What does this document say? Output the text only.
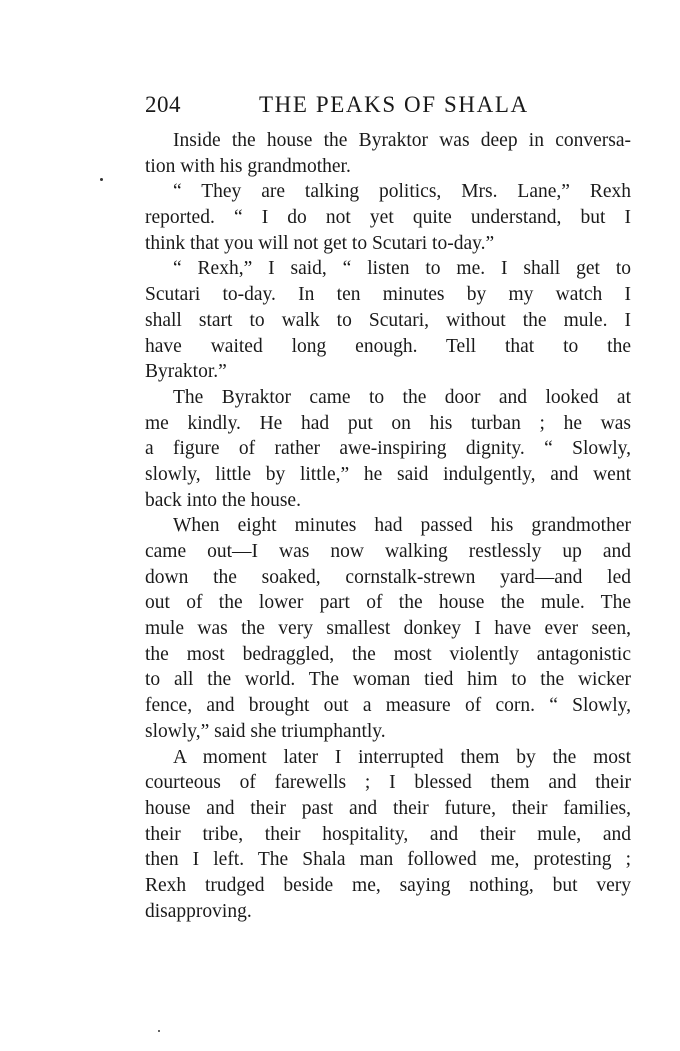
204	THE PEAKS OF SHALA
Inside the house the Byraktor was deep in conversa-
tion with his grandmother.
“ They are talking politics, Mrs. Lane,” Rexh
reported. “ I do not yet quite understand, but I
think that you will not get to Scutari to-day.”
“ Rexh,” I said, “ listen to me. I shall get to
Scutari to-day. In ten minutes by my watch I
shall start to walk to Scutari, without the mule. I
have waited long enough. Tell that to the
Byraktor.”
The Byraktor came to the door and looked at
me kindly. He had put on his turban ; he was
a figure of rather awe-inspiring dignity. “ Slowly,
slowly, little by little,” he said indulgently, and went
back into the house.
When eight minutes had passed his grandmother
came out—I was now walking restlessly up and
down the soaked, cornstalk-strewn yard—and led
out of the lower part of the house the mule. The
mule was the very smallest donkey I have ever seen,
the most bedraggled, the most violently antagonistic
to all the world. The woman tied him to the wicker
fence, and brought out a measure of corn. “ Slowly,
slowly,” said she triumphantly.
A moment later I interrupted them by the most
courteous of farewells ; I blessed them and their
house and their past and their future, their families,
their tribe, their hospitality, and their mule, and
then I left. The Shala man followed me, protesting ;
Rexh trudged beside me, saying nothing, but very
disapproving.
